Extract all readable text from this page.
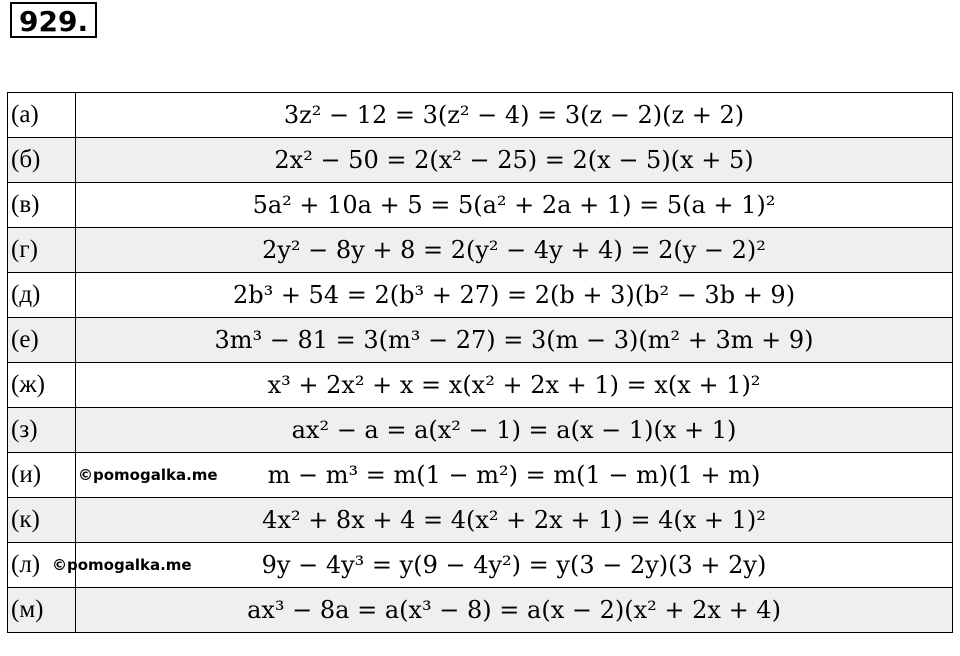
929.
(а)	3z² − 12 = 3(z² − 4) = 3(z − 2)(z + 2)
(б)	2x² − 50 = 2(x² − 25) = 2(x − 5)(x + 5)
(в)	5a² + 10a + 5 = 5(a² + 2a + 1) = 5(a + 1)²
(г)	2y² − 8y + 8 = 2(y² − 4y + 4) = 2(y − 2)²
(д)	2b³ + 54 = 2(b³ + 27) = 2(b + 3)(b² − 3b + 9)
(е)	3m³ − 81 = 3(m³ − 27) = 3(m − 3)(m² + 3m + 9)
(ж)	x³ + 2x² + x = x(x² + 2x + 1) = x(x + 1)²
(з)	ax² − a = a(x² − 1) = a(x − 1)(x + 1)
(и)	©pomogalka.me m − m³ = m(1 − m²) = m(1 − m)(1 + m)
(к)	4x² + 8x + 4 = 4(x² + 2x + 1) = 4(x + 1)²
(л)	©pomogalka.me 9y − 4y³ = y(9 − 4y²) = y(3 − 2y)(3 + 2y)
(м)	ax³ − 8a = a(x³ − 8) = a(x − 2)(x² + 2x + 4)
